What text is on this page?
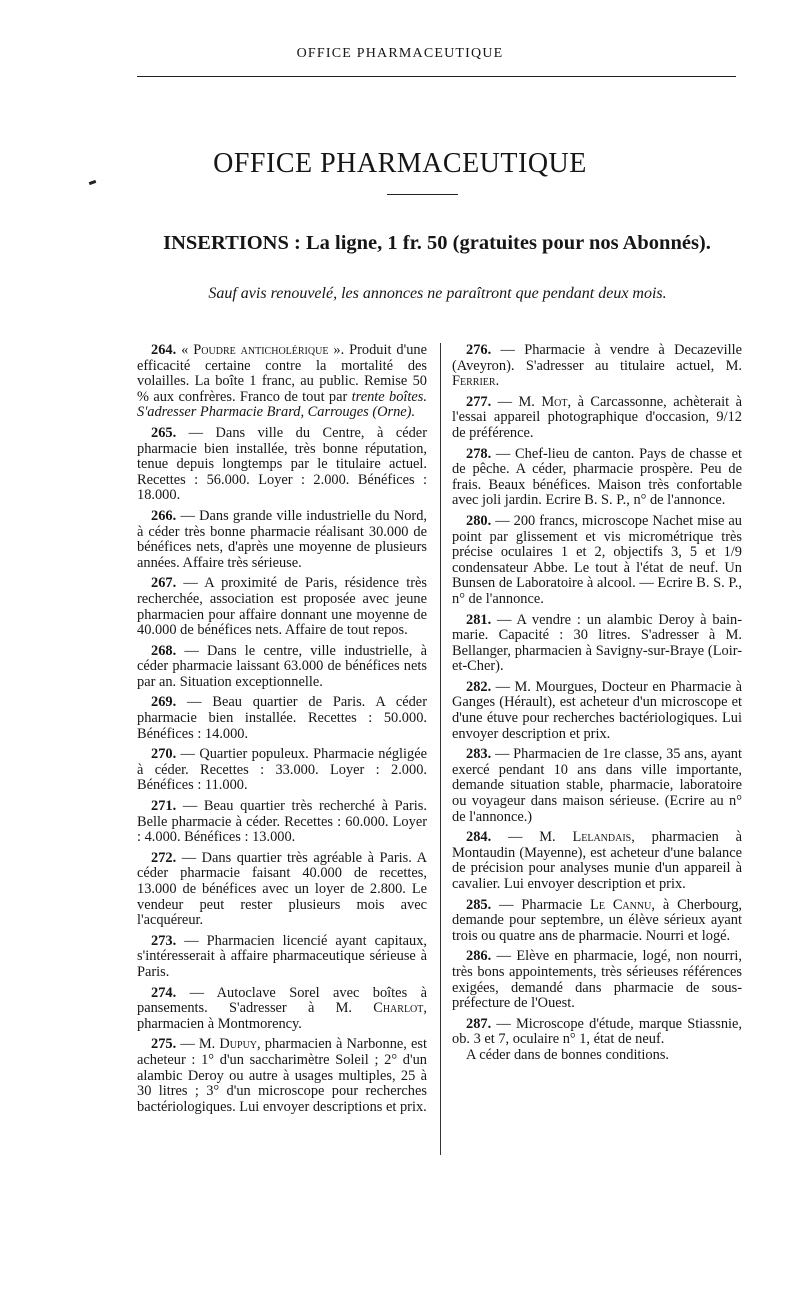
OFFICE PHARMACEUTIQUE
OFFICE PHARMACEUTIQUE
INSERTIONS : La ligne, 1 fr. 50 (gratuites pour nos Abonnés).
Sauf avis renouvelé, les annonces ne paraîtront que pendant deux mois.

264. « Poudre anticholérique ». Produit d'une efficacité certaine contre la mortalité des volailles. La boîte 1 franc, au public. Remise 50 % aux confrères. Franco de tout par trente boîtes. S'adresser Pharmacie Brard, Carrouges (Orne).

265. — Dans ville du Centre, à céder pharmacie bien installée, très bonne réputation, tenue depuis longtemps par le titulaire actuel. Recettes : 56.000. Loyer : 2.000. Bénéfices : 18.000.

266. — Dans grande ville industrielle du Nord, à céder très bonne pharmacie réalisant 30.000 de bénéfices nets, d'après une moyenne de plusieurs années. Affaire très sérieuse.

267. — A proximité de Paris, résidence très recherchée, association est proposée avec jeune pharmacien pour affaire donnant une moyenne de 40.000 de bénéfices nets. Affaire de tout repos.

268. — Dans le centre, ville industrielle, à céder pharmacie laissant 63.000 de bénéfices nets par an. Situation exceptionnelle.

269. — Beau quartier de Paris. A céder pharmacie bien installée. Recettes : 50.000. Bénéfices : 14.000.

270. — Quartier populeux. Pharmacie négligée à céder. Recettes : 33.000. Loyer : 2.000. Bénéfices : 11.000.

271. — Beau quartier très recherché à Paris. Belle pharmacie à céder. Recettes : 60.000. Loyer : 4.000. Bénéfices : 13.000.

272. — Dans quartier très agréable à Paris. A céder pharmacie faisant 40.000 de recettes, 13.000 de bénéfices avec un loyer de 2.800. Le vendeur peut rester plusieurs mois avec l'acquéreur.

273. — Pharmacien licencié ayant capitaux, s'intéresserait à affaire pharmaceutique sérieuse à Paris.

274. — Autoclave Sorel avec boîtes à pansements. S'adresser à M. Charlot, pharmacien à Montmorency.

275. — M. Dupuy, pharmacien à Narbonne, est acheteur : 1° d'un saccharimètre Soleil ; 2° d'un alambic Deroy ou autre à usages multiples, 25 à 30 litres ; 3° d'un microscope pour recherches bactériologiques. Lui envoyer descriptions et prix.

276. — Pharmacie à vendre à Decazeville (Aveyron). S'adresser au titulaire actuel, M. Ferrier.

277. — M. Mot, à Carcassonne, achèterait à l'essai appareil photographique d'occasion, 9/12 de préférence.

278. — Chef-lieu de canton. Pays de chasse et de pêche. A céder, pharmacie prospère. Peu de frais. Beaux bénéfices. Maison très confortable avec joli jardin. Ecrire B. S. P., n° de l'annonce.

280. — 200 francs, microscope Nachet mise au point par glissement et vis micrométrique très précise oculaires 1 et 2, objectifs 3, 5 et 1/9 condensateur Abbe. Le tout à l'état de neuf. Un Bunsen de Laboratoire à alcool. — Ecrire B. S. P., n° de l'annonce.

281. — A vendre : un alambic Deroy à bain-marie. Capacité : 30 litres. S'adresser à M. Bellanger, pharmacien à Savigny-sur-Braye (Loir-et-Cher).

282. — M. Mourgues, Docteur en Pharmacie à Ganges (Hérault), est acheteur d'un microscope et d'une étuve pour recherches bactériologiques. Lui envoyer description et prix.

283. — Pharmacien de 1re classe, 35 ans, ayant exercé pendant 10 ans dans ville importante, demande situation stable, pharmacie, laboratoire ou voyageur dans maison sérieuse. (Ecrire au n° de l'annonce.)

284. — M. Lelandais, pharmacien à Montaudin (Mayenne), est acheteur d'une balance de précision pour analyses munie d'un appareil à cavalier. Lui envoyer description et prix.

285. — Pharmacie Le Cannu, à Cherbourg, demande pour septembre, un élève sérieux ayant trois ou quatre ans de pharmacie. Nourri et logé.

286. — Elève en pharmacie, logé, non nourri, très bons appointements, très sérieuses références exigées, demandé dans pharmacie de sous-préfecture de l'Ouest.

287. — Microscope d'étude, marque Stiassnie, ob. 3 et 7, oculaire n° 1, état de neuf.

A céder dans de bonnes conditions.
